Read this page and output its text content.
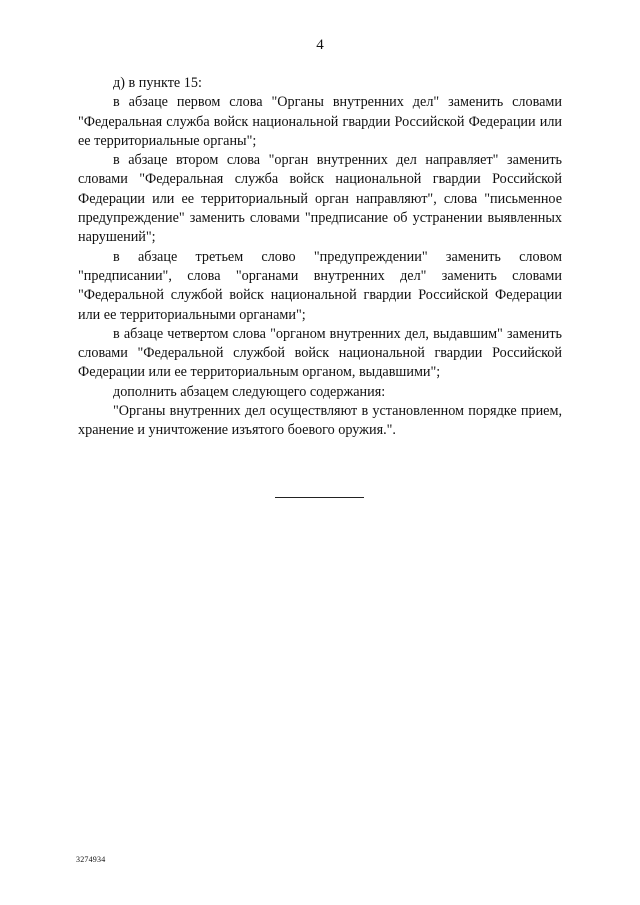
4

д) в пункте 15:

в абзаце первом слова "Органы внутренних дел" заменить словами "Федеральная служба войск национальной гвардии Российской Федерации или ее территориальные органы";

в абзаце втором слова "орган внутренних дел направляет" заменить словами "Федеральная служба войск национальной гвардии Российской Федерации или ее территориальный орган направляют", слова "письменное предупреждение" заменить словами "предписание об устранении выявленных нарушений";

в абзаце третьем слово "предупреждении" заменить словом "предписании", слова "органами внутренних дел" заменить словами "Федеральной службой войск национальной гвардии Российской Федерации или ее территориальными органами";

в абзаце четвертом слова "органом внутренних дел, выдавшим" заменить словами "Федеральной службой войск национальной гвардии Российской Федерации или ее территориальным органом, выдавшими";

дополнить абзацем следующего содержания:

"Органы внутренних дел осуществляют в установленном порядке прием, хранение и уничтожение изъятого боевого оружия.".

3274934
